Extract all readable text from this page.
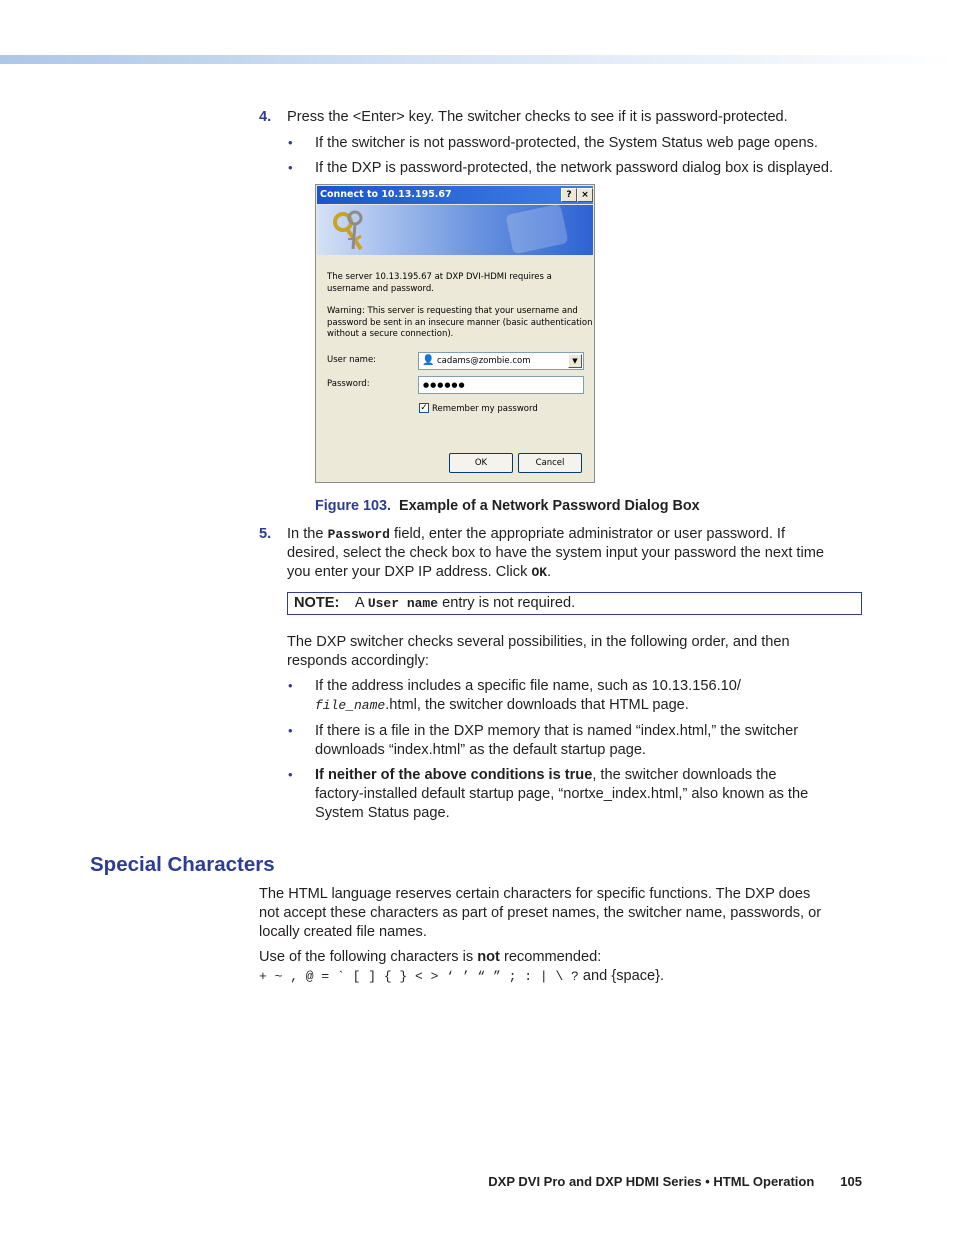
4. Press the <Enter> key. The switcher checks to see if it is password-protected.
• If the switcher is not password-protected, the System Status web page opens.
• If the DXP is password-protected, the network password dialog box is displayed.
Connect to 10.13.195.67	?	×
The server 10.13.195.67 at DXP DVI-HDMI requires a
username and password.
Warning: This server is requesting that your username and
password be sent in an insecure manner (basic authentication
without a secure connection).
User name:	👤 cadams@zombie.com	▼
Password:	●●●●●●
✓ Remember my password
OK	Cancel
Figure 103. Example of a Network Password Dialog Box
5. In the Password field, enter the appropriate administrator or user password. If
desired, select the check box to have the system input your password the next time
you enter your DXP IP address. Click OK.
NOTE: A User name entry is not required.
The DXP switcher checks several possibilities, in the following order, and then
responds accordingly:
• If the address includes a specific file name, such as 10.13.156.10/
file_name.html, the switcher downloads that HTML page.
• If there is a file in the DXP memory that is named “index.html,” the switcher
downloads “index.html” as the default startup page.
• If neither of the above conditions is true, the switcher downloads the
factory-installed default startup page, “nortxe_index.html,” also known as the
System Status page.
Special Characters
The HTML language reserves certain characters for specific functions. The DXP does
not accept these characters as part of preset names, the switcher name, passwords, or
locally created file names.
Use of the following characters is not recommended:
+ ~ , @ = ` [ ] { } < > ‘ ’ “ ” ; : | \ ? and {space}.
DXP DVI Pro and DXP HDMI Series • HTML Operation 105
